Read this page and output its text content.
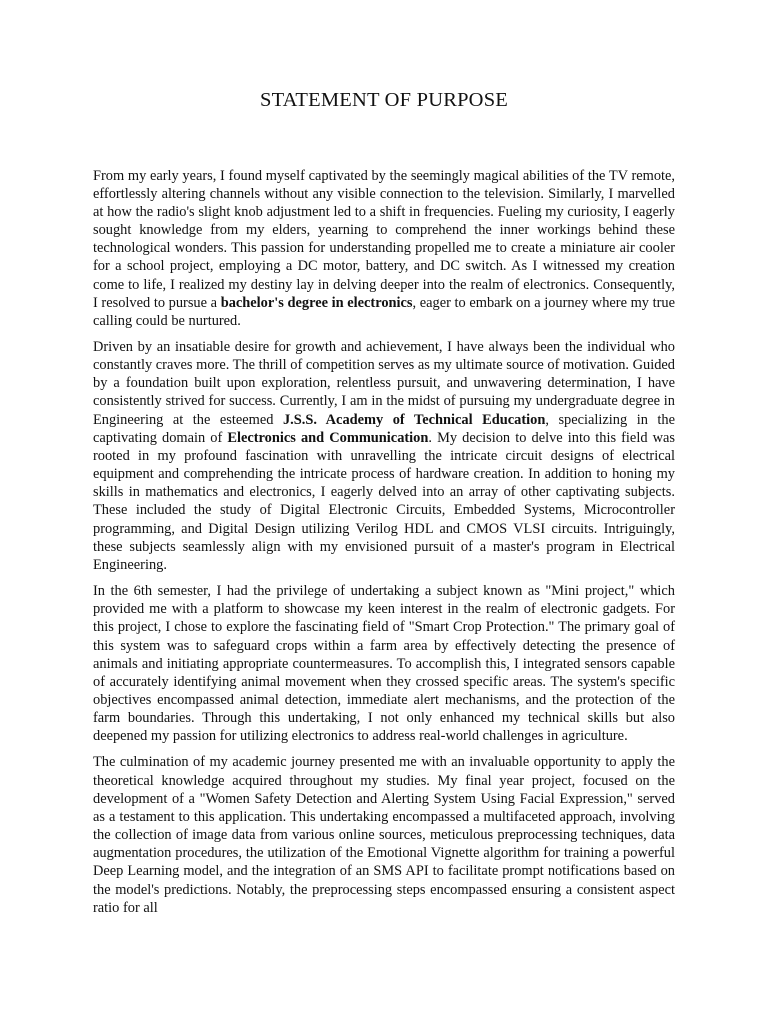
STATEMENT OF PURPOSE

From my early years, I found myself captivated by the seemingly magical abilities of the TV remote, effortlessly altering channels without any visible connection to the television. Similarly, I marvelled at how the radio's slight knob adjustment led to a shift in frequencies. Fueling my curiosity, I eagerly sought knowledge from my elders, yearning to comprehend the inner workings behind these technological wonders. This passion for understanding propelled me to create a miniature air cooler for a school project, employing a DC motor, battery, and DC switch. As I witnessed my creation come to life, I realized my destiny lay in delving deeper into the realm of electronics. Consequently, I resolved to pursue a bachelor's degree in electronics, eager to embark on a journey where my true calling could be nurtured.

Driven by an insatiable desire for growth and achievement, I have always been the individual who constantly craves more. The thrill of competition serves as my ultimate source of motivation. Guided by a foundation built upon exploration, relentless pursuit, and unwavering determination, I have consistently strived for success. Currently, I am in the midst of pursuing my undergraduate degree in Engineering at the esteemed J.S.S. Academy of Technical Education, specializing in the captivating domain of Electronics and Communication. My decision to delve into this field was rooted in my profound fascination with unravelling the intricate circuit designs of electrical equipment and comprehending the intricate process of hardware creation. In addition to honing my skills in mathematics and electronics, I eagerly delved into an array of other captivating subjects. These included the study of Digital Electronic Circuits, Embedded Systems, Microcontroller programming, and Digital Design utilizing Verilog HDL and CMOS VLSI circuits. Intriguingly, these subjects seamlessly align with my envisioned pursuit of a master's program in Electrical Engineering.

In the 6th semester, I had the privilege of undertaking a subject known as "Mini project," which provided me with a platform to showcase my keen interest in the realm of electronic gadgets. For this project, I chose to explore the fascinating field of "Smart Crop Protection." The primary goal of this system was to safeguard crops within a farm area by effectively detecting the presence of animals and initiating appropriate countermeasures. To accomplish this, I integrated sensors capable of accurately identifying animal movement when they crossed specific areas. The system's specific objectives encompassed animal detection, immediate alert mechanisms, and the protection of the farm boundaries. Through this undertaking, I not only enhanced my technical skills but also deepened my passion for utilizing electronics to address real-world challenges in agriculture.

The culmination of my academic journey presented me with an invaluable opportunity to apply the theoretical knowledge acquired throughout my studies. My final year project, focused on the development of a "Women Safety Detection and Alerting System Using Facial Expression," served as a testament to this application. This undertaking encompassed a multifaceted approach, involving the collection of image data from various online sources, meticulous preprocessing techniques, data augmentation procedures, the utilization of the Emotional Vignette algorithm for training a powerful Deep Learning model, and the integration of an SMS API to facilitate prompt notifications based on the model's predictions. Notably, the preprocessing steps encompassed ensuring a consistent aspect ratio for all
